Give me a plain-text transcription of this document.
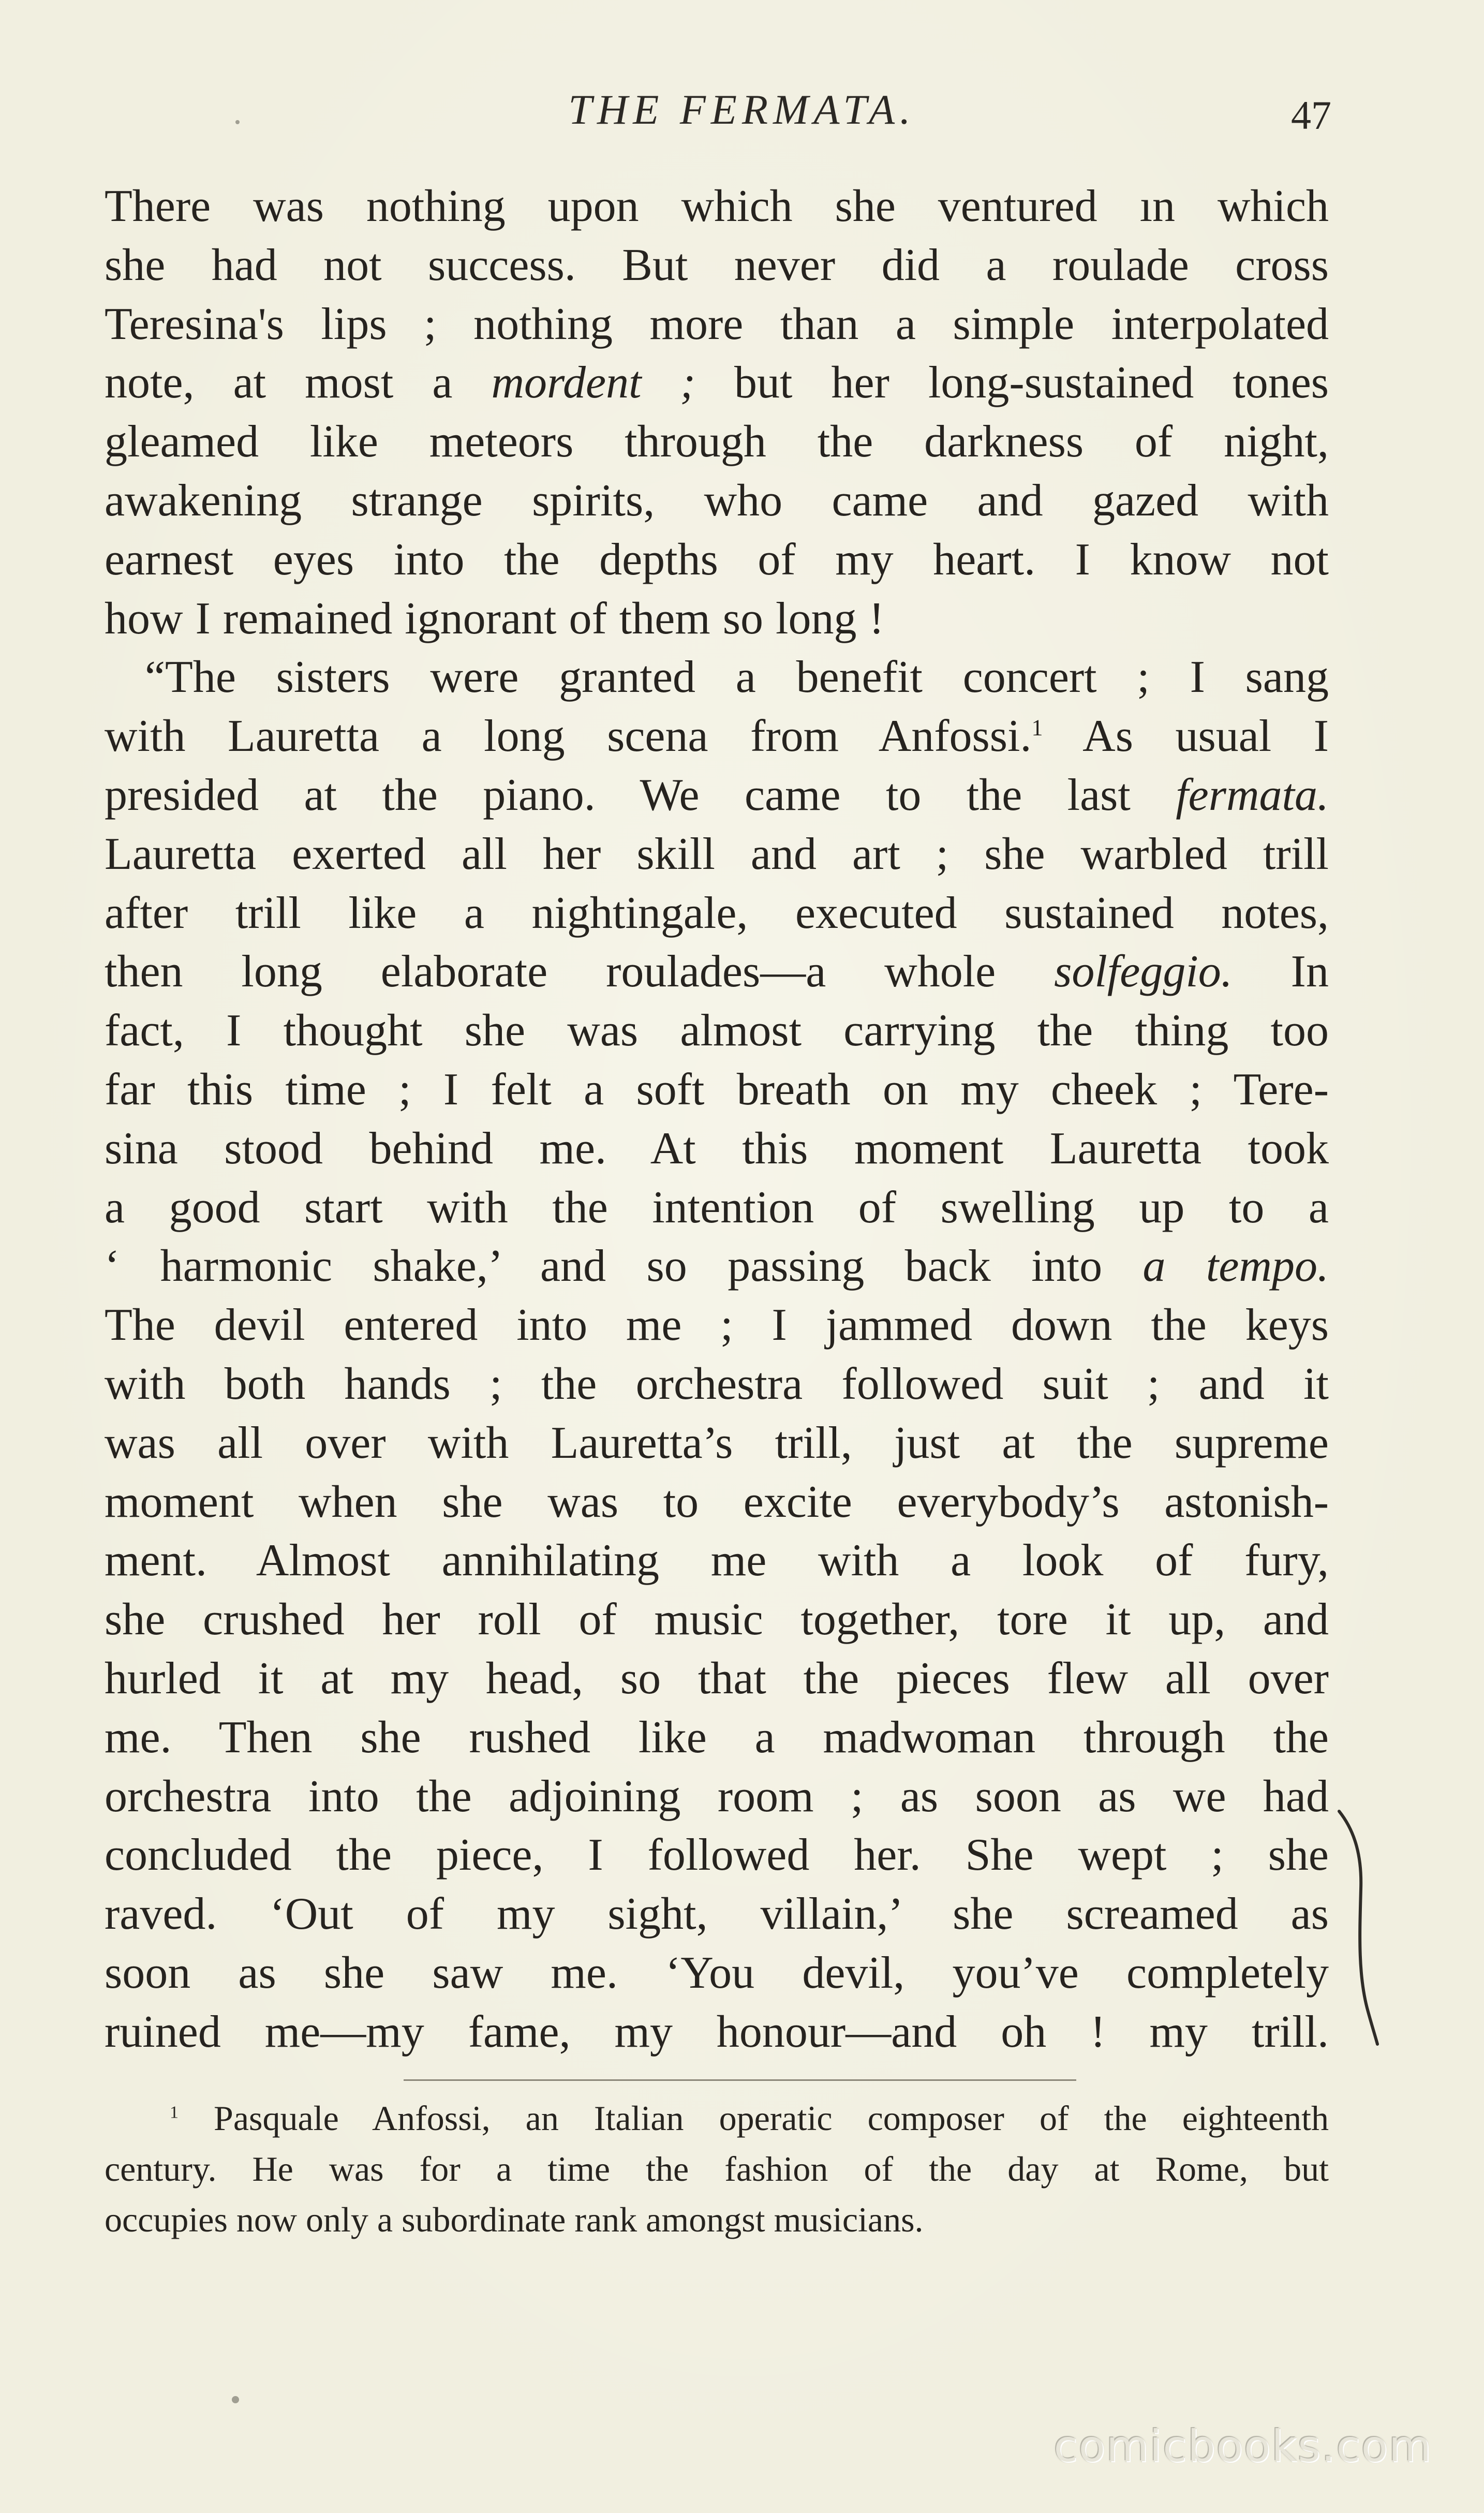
THE FERMATA.	47
There was nothing upon which she ventured ın which
she had not success. But never did a roulade cross
Teresina's lips ; nothing more than a simple interpolated
note, at most a mordent ; but her long-sustained tones
gleamed like meteors through the darkness of night,
awakening strange spirits, who came and gazed with
earnest eyes into the depths of my heart. I know not
how I remained ignorant of them so long !
“The sisters were granted a benefit concert ; I sang
with Lauretta a long scena from Anfossi.$^1$ As usual I
presided at the piano. We came to the last fermata.
Lauretta exerted all her skill and art ; she warbled trill
after trill like a nightingale, executed sustained notes,
then long elaborate roulades—a whole solfeggio. In
fact, I thought she was almost carrying the thing too
far this time ; I felt a soft breath on my cheek ; Tere-
sina stood behind me. At this moment Lauretta took
a good start with the intention of swelling up to a
‘ harmonic shake,’ and so passing back into a tempo.
The devil entered into me ; I jammed down the keys
with both hands ; the orchestra followed suit ; and it
was all over with Lauretta’s trill, just at the supreme
moment when she was to excite everybody’s astonish-
ment. Almost annihilating me with a look of fury,
she crushed her roll of music together, tore it up, and
hurled it at my head, so that the pieces flew all over
me. Then she rushed like a madwoman through the
orchestra into the adjoining room ; as soon as we had
concluded the piece, I followed her. She wept ; she
raved. ‘Out of my sight, villain,’ she screamed as
soon as she saw me. ‘You devil, you’ve completely
ruined me—my fame, my honour—and oh ! my trill.
$^1$ Pasquale Anfossi, an Italian operatic composer of the eighteenth
century. He was for a time the fashion of the day at Rome, but
occupies now only a subordinate rank amongst musicians.
comicbooks.com
